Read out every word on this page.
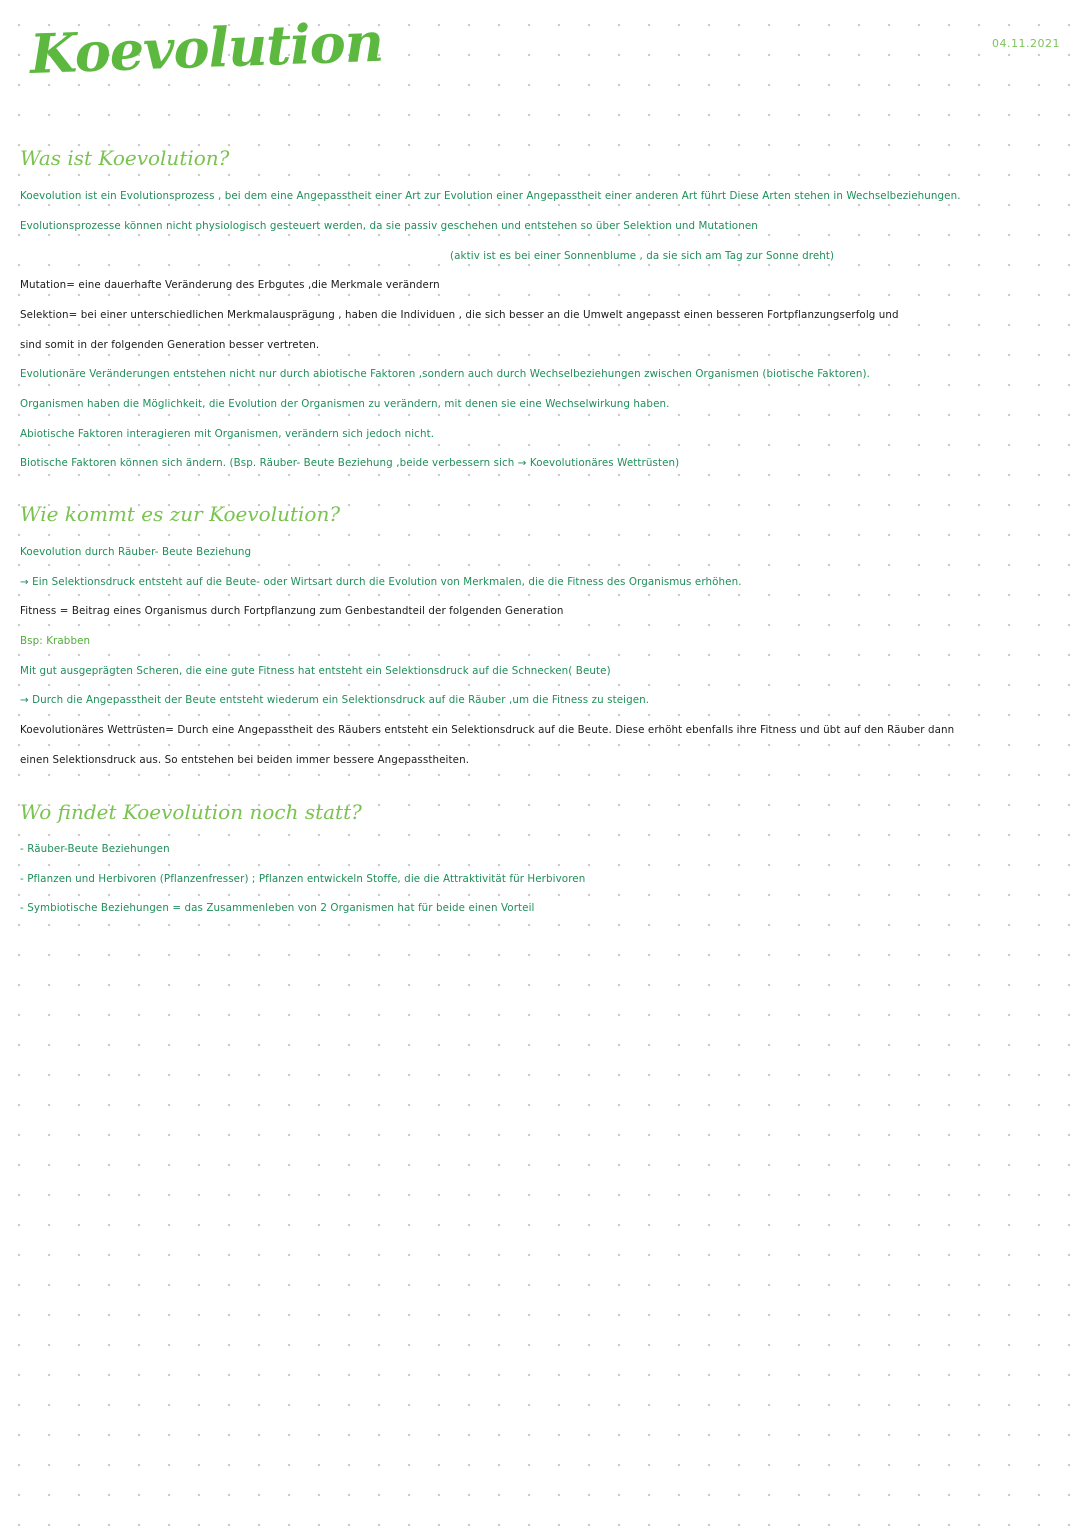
Koevolution	04.11.2021
Was ist Koevolution?
Koevolution ist ein Evolutionsprozess , bei dem eine Angepasstheit einer Art zur Evolution einer Angepasstheit einer anderen Art führt Diese Arten stehen in Wechselbeziehungen.
Evolutionsprozesse können nicht physiologisch gesteuert werden, da sie passiv geschehen und entstehen so über Selektion und Mutationen
(aktiv ist es bei einer Sonnenblume , da sie sich am Tag zur Sonne dreht)
Mutation= eine dauerhafte Veränderung des Erbgutes ,die Merkmale verändern
Selektion= bei einer unterschiedlichen Merkmalausprägung , haben die Individuen , die sich besser an die Umwelt angepasst einen besseren Fortpflanzungserfolg und
sind somit in der folgenden Generation besser vertreten.
Evolutionäre Veränderungen entstehen nicht nur durch abiotische Faktoren ,sondern auch durch Wechselbeziehungen zwischen Organismen (biotische Faktoren).
Organismen haben die Möglichkeit, die Evolution der Organismen zu verändern, mit denen sie eine Wechselwirkung haben.
Abiotische Faktoren interagieren mit Organismen, verändern sich jedoch nicht.
Biotische Faktoren können sich ändern. (Bsp. Räuber- Beute Beziehung ,beide verbessern sich → Koevolutionäres Wettrüsten)
Wie kommt es zur Koevolution?
Koevolution durch Räuber- Beute Beziehung
→ Ein Selektionsdruck entsteht auf die Beute- oder Wirtsart durch die Evolution von Merkmalen, die die Fitness des Organismus erhöhen.
Fitness = Beitrag eines Organismus durch Fortpflanzung zum Genbestandteil der folgenden Generation
Bsp: Krabben
Mit gut ausgeprägten Scheren, die eine gute Fitness hat entsteht ein Selektionsdruck auf die Schnecken( Beute)
→ Durch die Angepasstheit der Beute entsteht wiederum ein Selektionsdruck auf die Räuber ,um die Fitness zu steigen.
Koevolutionäres Wettrüsten= Durch eine Angepasstheit des Räubers entsteht ein Selektionsdruck auf die Beute. Diese erhöht ebenfalls ihre Fitness und übt auf den Räuber dann
einen Selektionsdruck aus. So entstehen bei beiden immer bessere Angepasstheiten.
Wo findet Koevolution noch statt?
- Räuber-Beute Beziehungen
- Pflanzen und Herbivoren (Pflanzenfresser) ; Pflanzen entwickeln Stoffe, die die Attraktivität für Herbivoren
- Symbiotische Beziehungen = das Zusammenleben von 2 Organismen hat für beide einen Vorteil
